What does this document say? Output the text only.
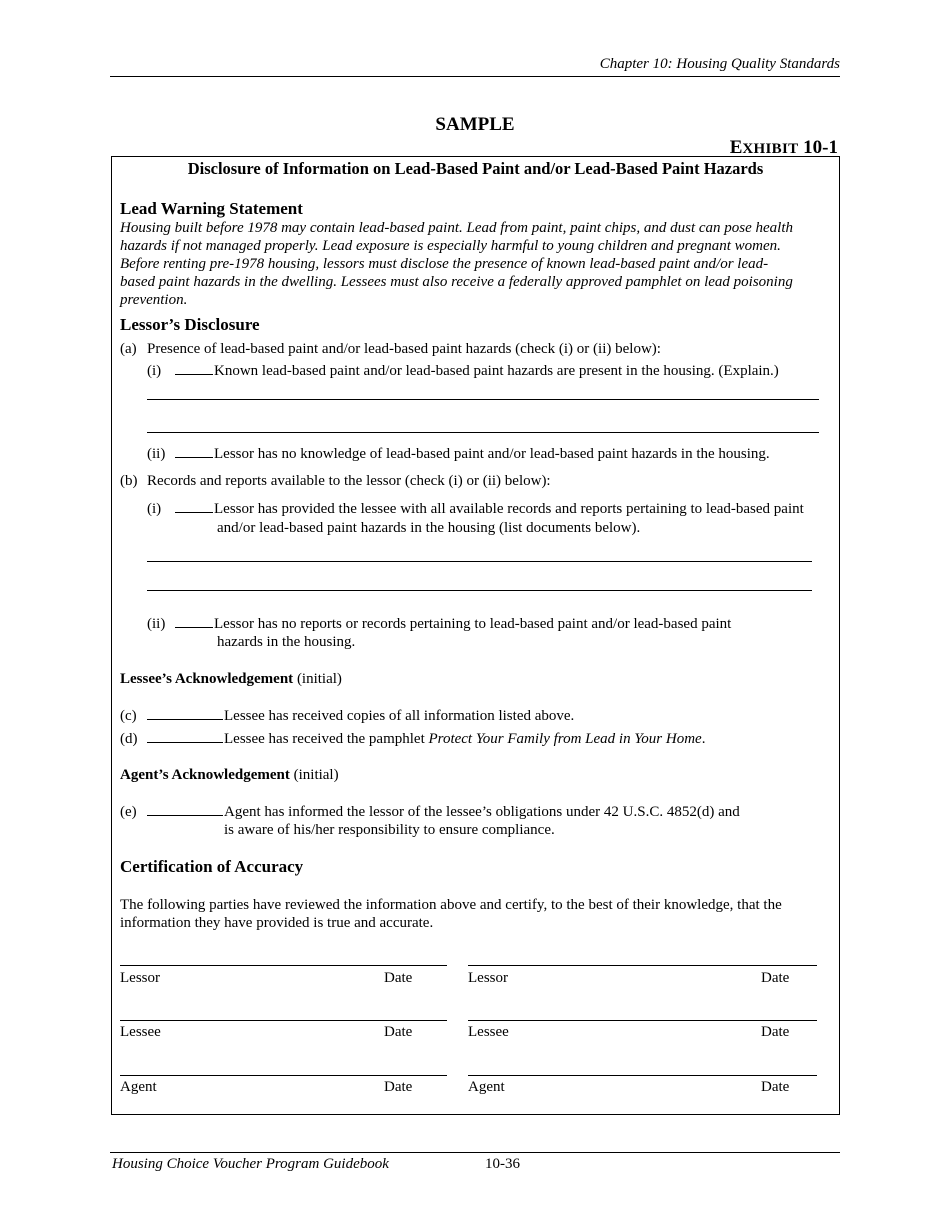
Chapter 10: Housing Quality Standards
SAMPLE
EXHIBIT 10-1
Disclosure of Information on Lead-Based Paint and/or Lead-Based Paint Hazards
Lead Warning Statement
Housing built before 1978 may contain lead-based paint. Lead from paint, paint chips, and dust can pose health
hazards if not managed properly. Lead exposure is especially harmful to young children and pregnant women.
Before renting pre-1978 housing, lessors must disclose the presence of known lead-based paint and/or lead-
based paint hazards in the dwelling. Lessees must also receive a federally approved pamphlet on lead poisoning
prevention.
Lessor’s Disclosure
(a) Presence of lead-based paint and/or lead-based paint hazards (check (i) or (ii) below):
(i)	Known lead-based paint and/or lead-based paint hazards are present in the housing. (Explain.)
(ii)	Lessor has no knowledge of lead-based paint and/or lead-based paint hazards in the housing.
(b) Records and reports available to the lessor (check (i) or (ii) below):
(i)	Lessor has provided the lessee with all available records and reports pertaining to lead-based paint
and/or lead-based paint hazards in the housing (list documents below).
(ii)	Lessor has no reports or records pertaining to lead-based paint and/or lead-based paint
hazards in the housing.
Lessee’s Acknowledgement (initial)
(c)	Lessee has received copies of all information listed above.
(d)	Lessee has received the pamphlet Protect Your Family from Lead in Your Home.
Agent’s Acknowledgement (initial)
(e)	Agent has informed the lessor of the lessee’s obligations under 42 U.S.C. 4852(d) and
is aware of his/her responsibility to ensure compliance.
Certification of Accuracy
The following parties have reviewed the information above and certify, to the best of their knowledge, that the
information they have provided is true and accurate.
Lessor	Date	Lessor	Date
Lessee	Date	Lessee	Date
Agent	Date	Agent	Date
Housing Choice Voucher Program Guidebook	10-36
